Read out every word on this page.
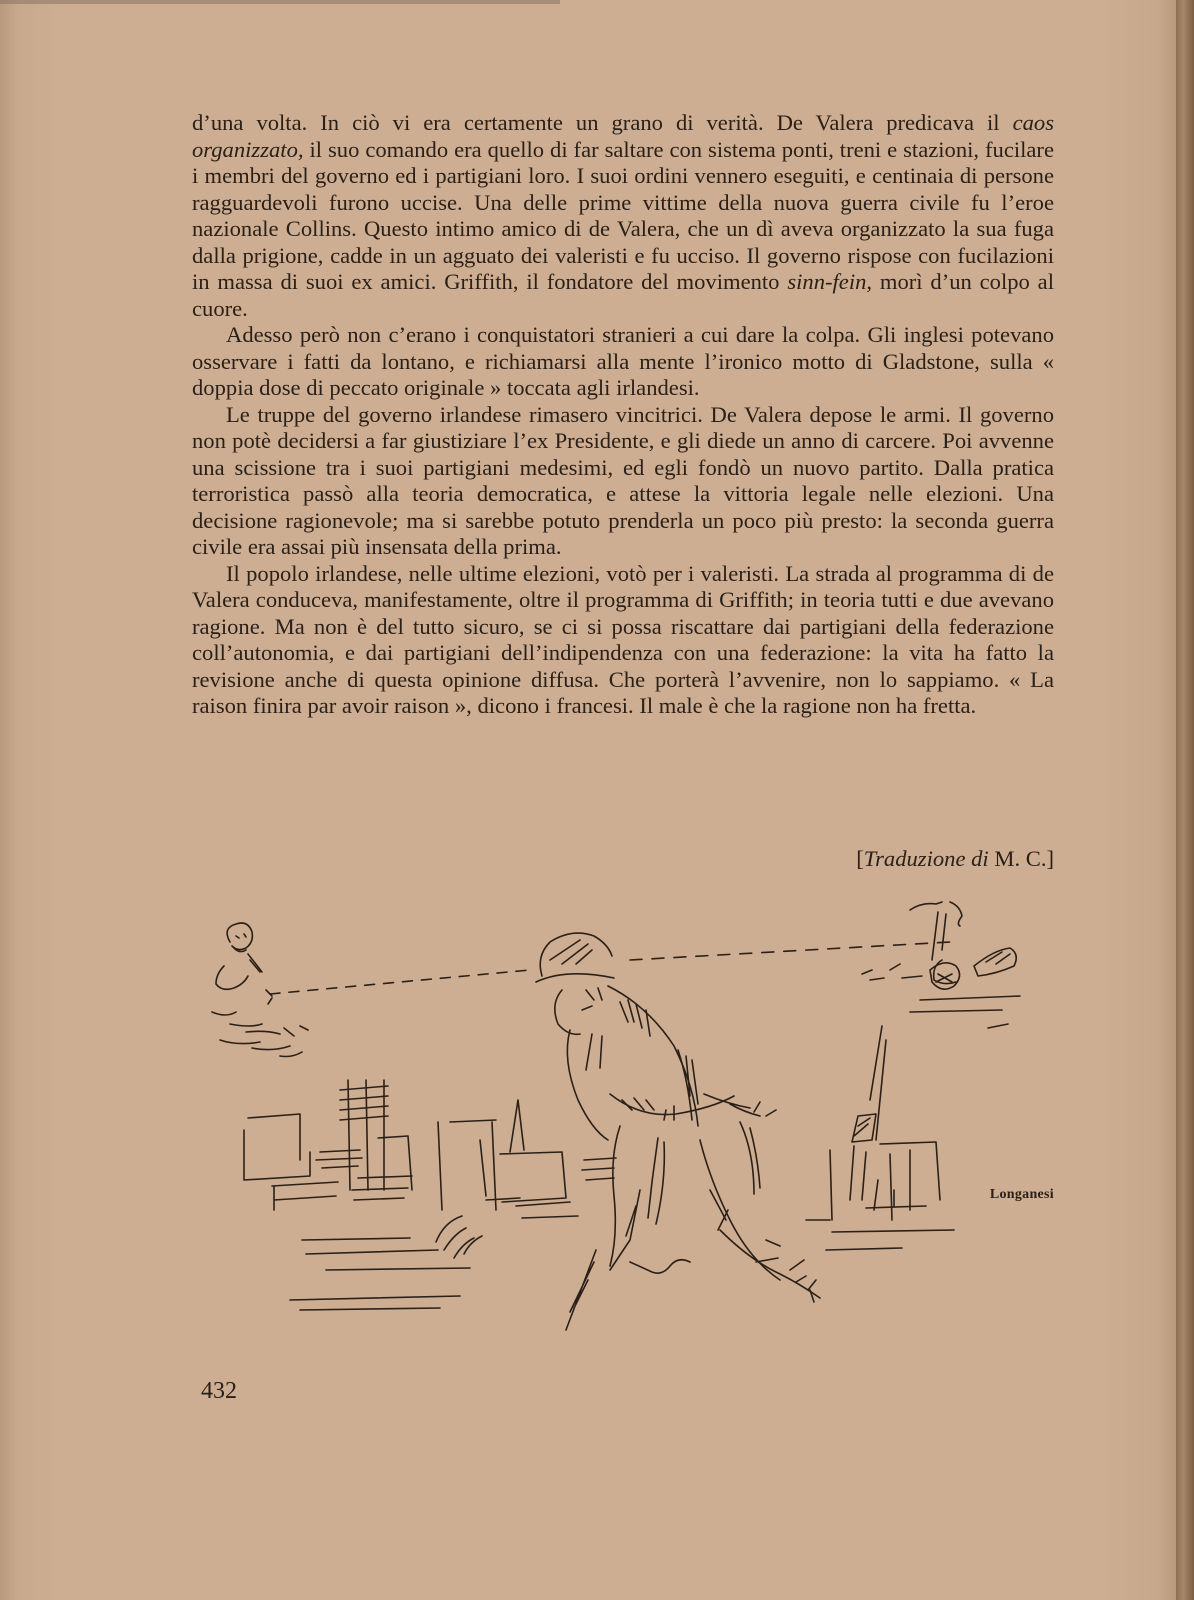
d’una volta. In ciò vi era certamente un grano di verità. De Valera predicava il caos organizzato, il suo comando era quello di far saltare con sistema ponti, treni e stazioni, fucilare i membri del governo ed i partigiani loro. I suoi ordini vennero eseguiti, e centinaia di persone ragguardevoli furono uccise. Una delle prime vittime della nuova guerra civile fu l’eroe nazionale Collins. Questo intimo amico di de Valera, che un dì aveva organizzato la sua fuga dalla prigione, cadde in un agguato dei valeristi e fu ucciso. Il governo rispose con fucilazioni in massa di suoi ex amici. Griffith, il fondatore del movimento sinn-fein, morì d’un colpo al cuore.

Adesso però non c’erano i conquistatori stranieri a cui dare la colpa. Gli inglesi potevano osservare i fatti da lontano, e richiamarsi alla mente l’ironico motto di Gladstone, sulla « doppia dose di peccato originale » toccata agli irlandesi.

Le truppe del governo irlandese rimasero vincitrici. De Valera depose le armi. Il governo non potè decidersi a far giustiziare l’ex Presidente, e gli diede un anno di carcere. Poi avvenne una scissione tra i suoi partigiani medesimi, ed egli fondò un nuovo partito. Dalla pratica terroristica passò alla teoria democratica, e attese la vittoria legale nelle elezioni. Una decisione ragionevole; ma si sarebbe potuto prenderla un poco più presto: la seconda guerra civile era assai più insensata della prima.

Il popolo irlandese, nelle ultime elezioni, votò per i valeristi. La strada al programma di de Valera conduceva, manifestamente, oltre il programma di Griffith; in teoria tutti e due avevano ragione. Ma non è del tutto sicuro, se ci si possa riscattare dai partigiani della federazione coll’autonomia, e dai partigiani dell’indipendenza con una federazione: la vita ha fatto la revisione anche di questa opinione diffusa. Che porterà l’avvenire, non lo sappiamo. « La raison finira par avoir raison », dicono i francesi. Il male è che la ragione non ha fretta.

[Traduzione di M. C.]
Longanesi
432
